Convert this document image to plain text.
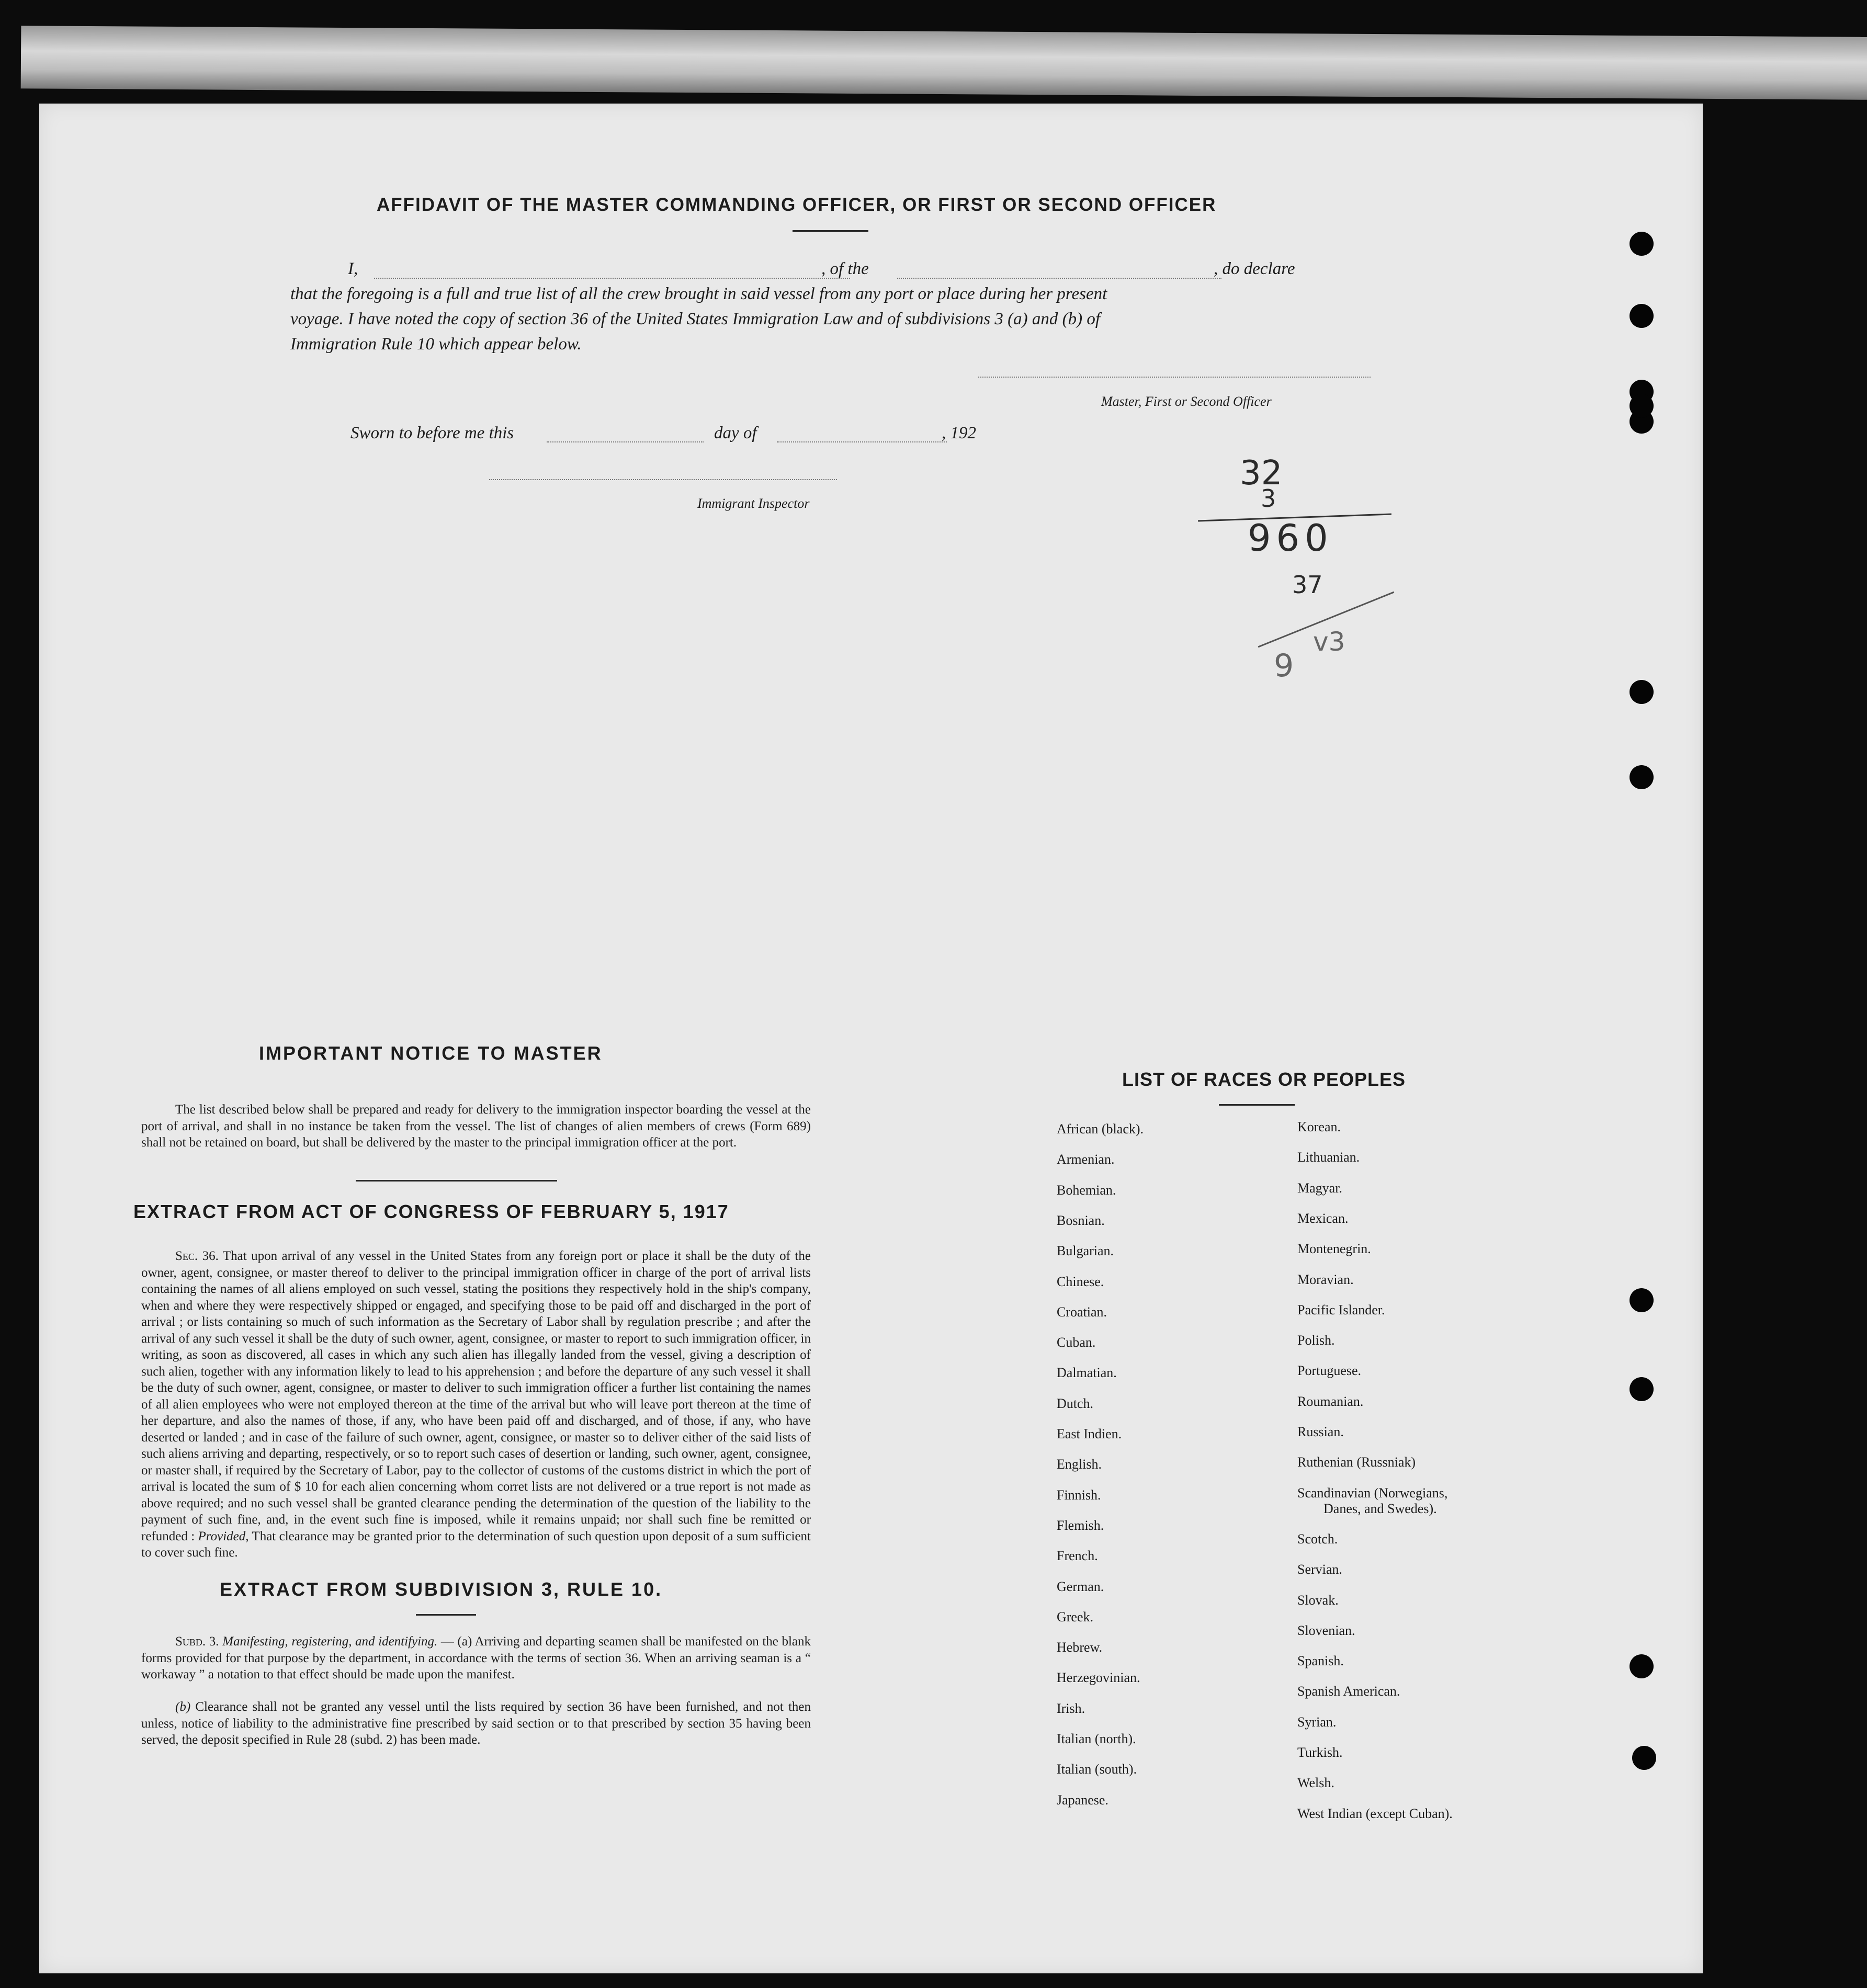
AFFIDAVIT OF THE MASTER COMMANDING OFFICER, OR FIRST OR SECOND OFFICER
I,	, of the	, do declare
that the foregoing is a full and true list of all the crew brought in said vessel from any port or place during her present
voyage. I have noted the copy of section 36 of the United States Immigration Law and of subdivisions 3 (a) and (b) of
Immigration Rule 10 which appear below.
Master, First or Second Officer
Sworn to before me this	day of	, 192
Immigrant Inspector
32
3
960
37
9
v3
IMPORTANT NOTICE TO MASTER
The list described below shall be prepared and ready for delivery to the immigration inspector boarding the vessel at the port of arrival, and shall in no instance be taken from the vessel. The list of changes of alien members of crews (Form 689) shall not be retained on board, but shall be delivered by the master to the principal immigration officer at the port.
EXTRACT FROM ACT OF CONGRESS OF FEBRUARY 5, 1917
Sec. 36. That upon arrival of any vessel in the United States from any foreign port or place it shall be the duty of the owner, agent, consignee, or master thereof to deliver to the principal immigration officer in charge of the port of arrival lists containing the names of all aliens employed on such vessel, stating the positions they respectively hold in the ship's company, when and where they were respectively shipped or engaged, and specifying those to be paid off and discharged in the port of arrival ; or lists containing so much of such information as the Secretary of Labor shall by regulation prescribe ; and after the arrival of any such vessel it shall be the duty of such owner, agent, consignee, or master to report to such immigration officer, in writing, as soon as discovered, all cases in which any such alien has illegally landed from the vessel, giving a description of such alien, together with any information likely to lead to his apprehension ; and before the departure of any such vessel it shall be the duty of such owner, agent, consignee, or master to deliver to such immigration officer a further list containing the names of all alien employees who were not employed thereon at the time of the arrival but who will leave port thereon at the time of her departure, and also the names of those, if any, who have been paid off and discharged, and of those, if any, who have deserted or landed ; and in case of the failure of such owner, agent, consignee, or master so to deliver either of the said lists of such aliens arriving and departing, respectively, or so to report such cases of desertion or landing, such owner, agent, consignee, or master shall, if required by the Secretary of Labor, pay to the collector of customs of the customs district in which the port of arrival is located the sum of $ 10 for each alien concerning whom corret lists are not delivered or a true report is not made as above required; and no such vessel shall be granted clearance pending the determination of the question of the liability to the payment of such fine, and, in the event such fine is imposed, while it remains unpaid; nor shall such fine be remitted or refunded : Provided, That clearance may be granted prior to the determination of such question upon deposit of a sum sufficient to cover such fine.
EXTRACT FROM SUBDIVISION 3, RULE 10.
Subd. 3. Manifesting, registering, and identifying. — (a) Arriving and departing seamen shall be manifested on the blank forms provided for that purpose by the department, in accordance with the terms of section 36. When an arriving seaman is a “ workaway ” a notation to that effect should be made upon the manifest.
(b) Clearance shall not be granted any vessel until the lists required by section 36 have been furnished, and not then unless, notice of liability to the administrative fine prescribed by said section or to that prescribed by section 35 having been served, the deposit specified in Rule 28 (subd. 2) has been made.
LIST OF RACES OR PEOPLES
African (black).
Armenian.
Bohemian.
Bosnian.
Bulgarian.
Chinese.
Croatian.
Cuban.
Dalmatian.
Dutch.
East Indien.
English.
Finnish.
Flemish.
French.
German.
Greek.
Hebrew.
Herzegovinian.
Irish.
Italian (north).
Italian (south).
Japanese.
Korean.
Lithuanian.
Magyar.
Mexican.
Montenegrin.
Moravian.
Pacific Islander.
Polish.
Portuguese.
Roumanian.
Russian.
Ruthenian (Russniak)
Scandinavian (Norwegians,
Danes, and Swedes).
Scotch.
Servian.
Slovak.
Slovenian.
Spanish.
Spanish American.
Syrian.
Turkish.
Welsh.
West Indian (except Cuban).
